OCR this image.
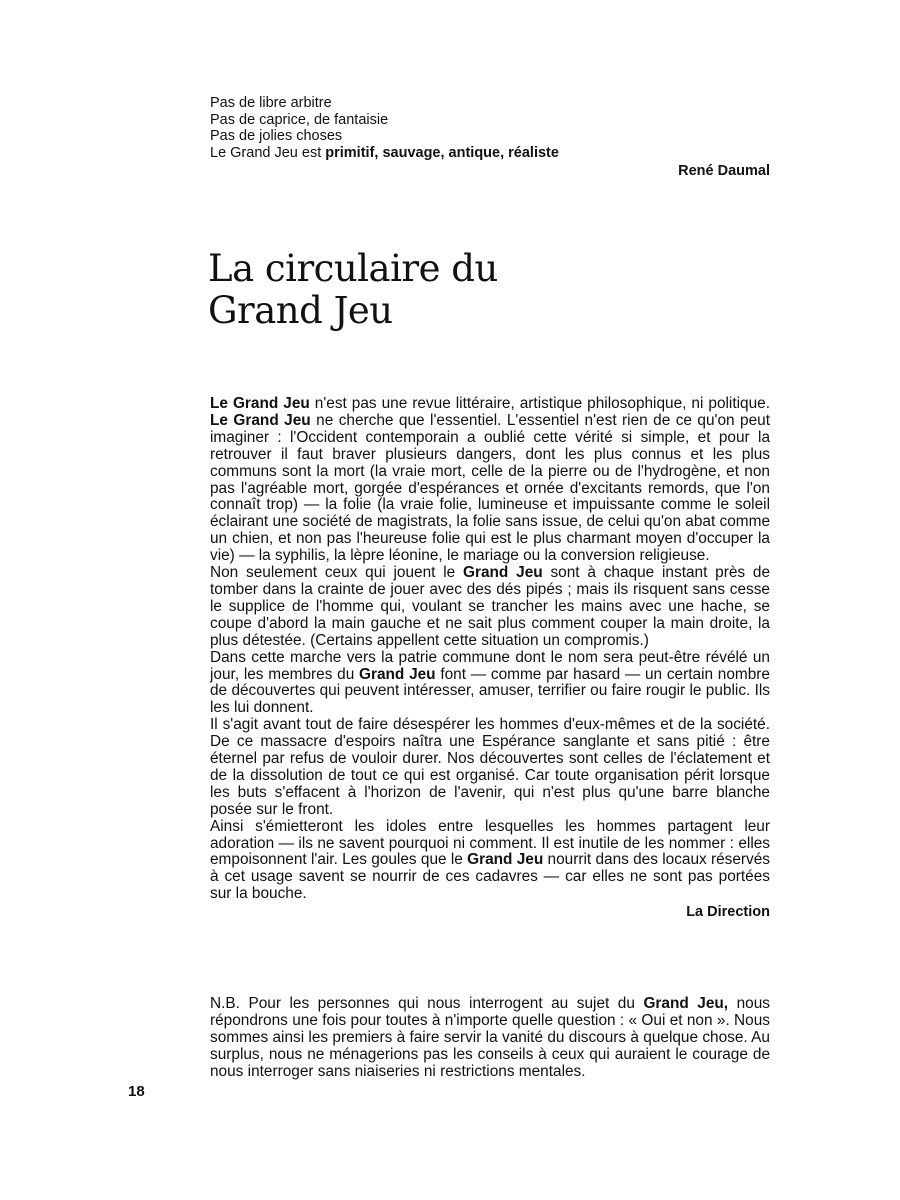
Pas de libre arbitre
Pas de caprice, de fantaisie
Pas de jolies choses
Le Grand Jeu est primitif, sauvage, antique, réaliste
René Daumal
La circulaire du
Grand Jeu

Le Grand Jeu n'est pas une revue littéraire, artistique philosophique, ni politique. Le Grand Jeu ne cherche que l'essentiel. L'essentiel n'est rien de ce qu'on peut imaginer : l'Occident contemporain a oublié cette vérité si simple, et pour la retrouver il faut braver plusieurs dangers, dont les plus connus et les plus communs sont la mort (la vraie mort, celle de la pierre ou de l'hydrogène, et non pas l'agréable mort, gorgée d'espérances et ornée d'excitants remords, que l'on connaît trop) — la folie (la vraie folie, lumineuse et impuissante comme le soleil éclairant une société de magistrats, la folie sans issue, de celui qu'on abat comme un chien, et non pas l'heureuse folie qui est le plus charmant moyen d'occuper la vie) — la syphilis, la lèpre léonine, le mariage ou la conversion religieuse.

Non seulement ceux qui jouent le Grand Jeu sont à chaque instant près de tomber dans la crainte de jouer avec des dés pipés ; mais ils risquent sans cesse le supplice de l'homme qui, voulant se trancher les mains avec une hache, se coupe d'abord la main gauche et ne sait plus comment couper la main droite, la plus détestée. (Certains appellent cette situation un compromis.)

Dans cette marche vers la patrie commune dont le nom sera peut-être révélé un jour, les membres du Grand Jeu font — comme par hasard — un certain nombre de découvertes qui peuvent intéresser, amuser, terrifier ou faire rougir le public. Ils les lui donnent.

Il s'agit avant tout de faire désespérer les hommes d'eux-mêmes et de la société. De ce massacre d'espoirs naîtra une Espérance sanglante et sans pitié : être éternel par refus de vouloir durer. Nos découvertes sont celles de l'éclatement et de la dissolution de tout ce qui est organisé. Car toute organisation périt lorsque les buts s'effacent à l'horizon de l'avenir, qui n'est plus qu'une barre blanche posée sur le front.

Ainsi s'émietteront les idoles entre lesquelles les hommes partagent leur adoration — ils ne savent pourquoi ni comment. Il est inutile de les nommer : elles empoisonnent l'air. Les goules que le Grand Jeu nourrit dans des locaux réservés à cet usage savent se nourrir de ces cadavres — car elles ne sont pas portées sur la bouche.

La Direction

N.B. Pour les personnes qui nous interrogent au sujet du Grand Jeu, nous répondrons une fois pour toutes à n'importe quelle question : « Oui et non ». Nous sommes ainsi les premiers à faire servir la vanité du discours à quelque chose. Au surplus, nous ne ménagerions pas les conseils à ceux qui auraient le courage de nous interroger sans niaiseries ni restrictions mentales.

18
